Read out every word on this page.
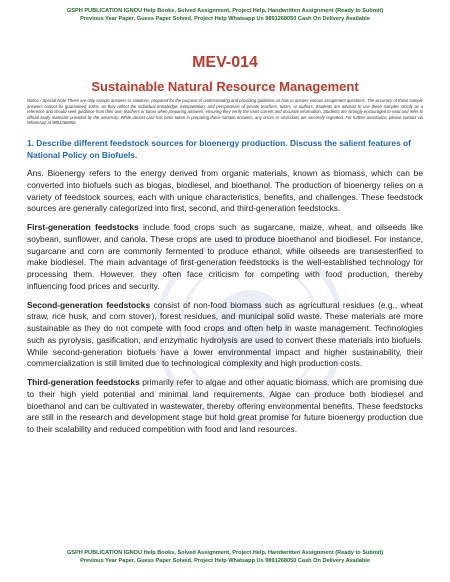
GSPH PUBLICATION IGNOU Help Books, Solved Assignment, Project Help, Handwritten Assignment (Ready to Submit)
Previous Year Paper, Guess Paper Solved, Project Help Whatsapp Us 9891268050 Cash On Delivery Available
MEV-014
Sustainable Natural Resource Management
Notice / Special Note These are only sample answers or solutions, prepared for the purpose of understanding and providing guidance on how to answer various assignment questions. The accuracy of these sample answers cannot be guaranteed 100%, as they reflect the individual knowledge, interpretation, and perspectives of private teachers, tutors, or authors. Students are advised to use these samples strictly as a reference and should seek guidance from their own teachers or tutors when preparing answers, ensuring they verify the most current and accurate information. Students are strongly encouraged to read and refer to official study materials provided by the university. While utmost care has been taken in preparing these sample answers, any errors or omissions are sincerely regretted. For further assistance, please contact via WhatsApp at 9891268050.
1. Describe different feedstock sources for bioenergy production. Discuss the salient features of National Policy on Biofuels.

Ans. Bioenergy refers to the energy derived from organic materials, known as biomass, which can be converted into biofuels such as biogas, biodiesel, and bioethanol. The production of bioenergy relies on a variety of feedstock sources, each with unique characteristics, benefits, and challenges. These feedstock sources are generally categorized into first, second, and third-generation feedstocks.

First-generation feedstocks include food crops such as sugarcane, maize, wheat, and oilseeds like soybean, sunflower, and canola. These crops are used to produce bioethanol and biodiesel. For instance, sugarcane and corn are commonly fermented to produce ethanol, while oilseeds are transesterified to make biodiesel. The main advantage of first-generation feedstocks is the well-established technology for processing them. However, they often face criticism for competing with food production, thereby influencing food prices and security.

Second-generation feedstocks consist of non-food biomass such as agricultural residues (e.g., wheat straw, rice husk, and corn stover), forest residues, and municipal solid waste. These materials are more sustainable as they do not compete with food crops and often help in waste management. Technologies such as pyrolysis, gasification, and enzymatic hydrolysis are used to convert these materials into biofuels. While second-generation biofuels have a lower environmental impact and higher sustainability, their commercialization is still limited due to technological complexity and high production costs.

Third-generation feedstocks primarily refer to algae and other aquatic biomass, which are promising due to their high yield potential and minimal land requirements. Algae can produce both biodiesel and bioethanol and can be cultivated in wastewater, thereby offering environmental benefits. These feedstocks are still in the research and development stage but hold great promise for future bioenergy production due to their scalability and reduced competition with food and land resources.

GSPH PUBLICATION IGNOU Help Books, Solved Assignment, Project Help, Handwritten Assignment (Ready to Submit)
Previous Year Paper, Guess Paper Solved, Project Help Whatsapp Us 9891268050 Cash On Delivery Available
